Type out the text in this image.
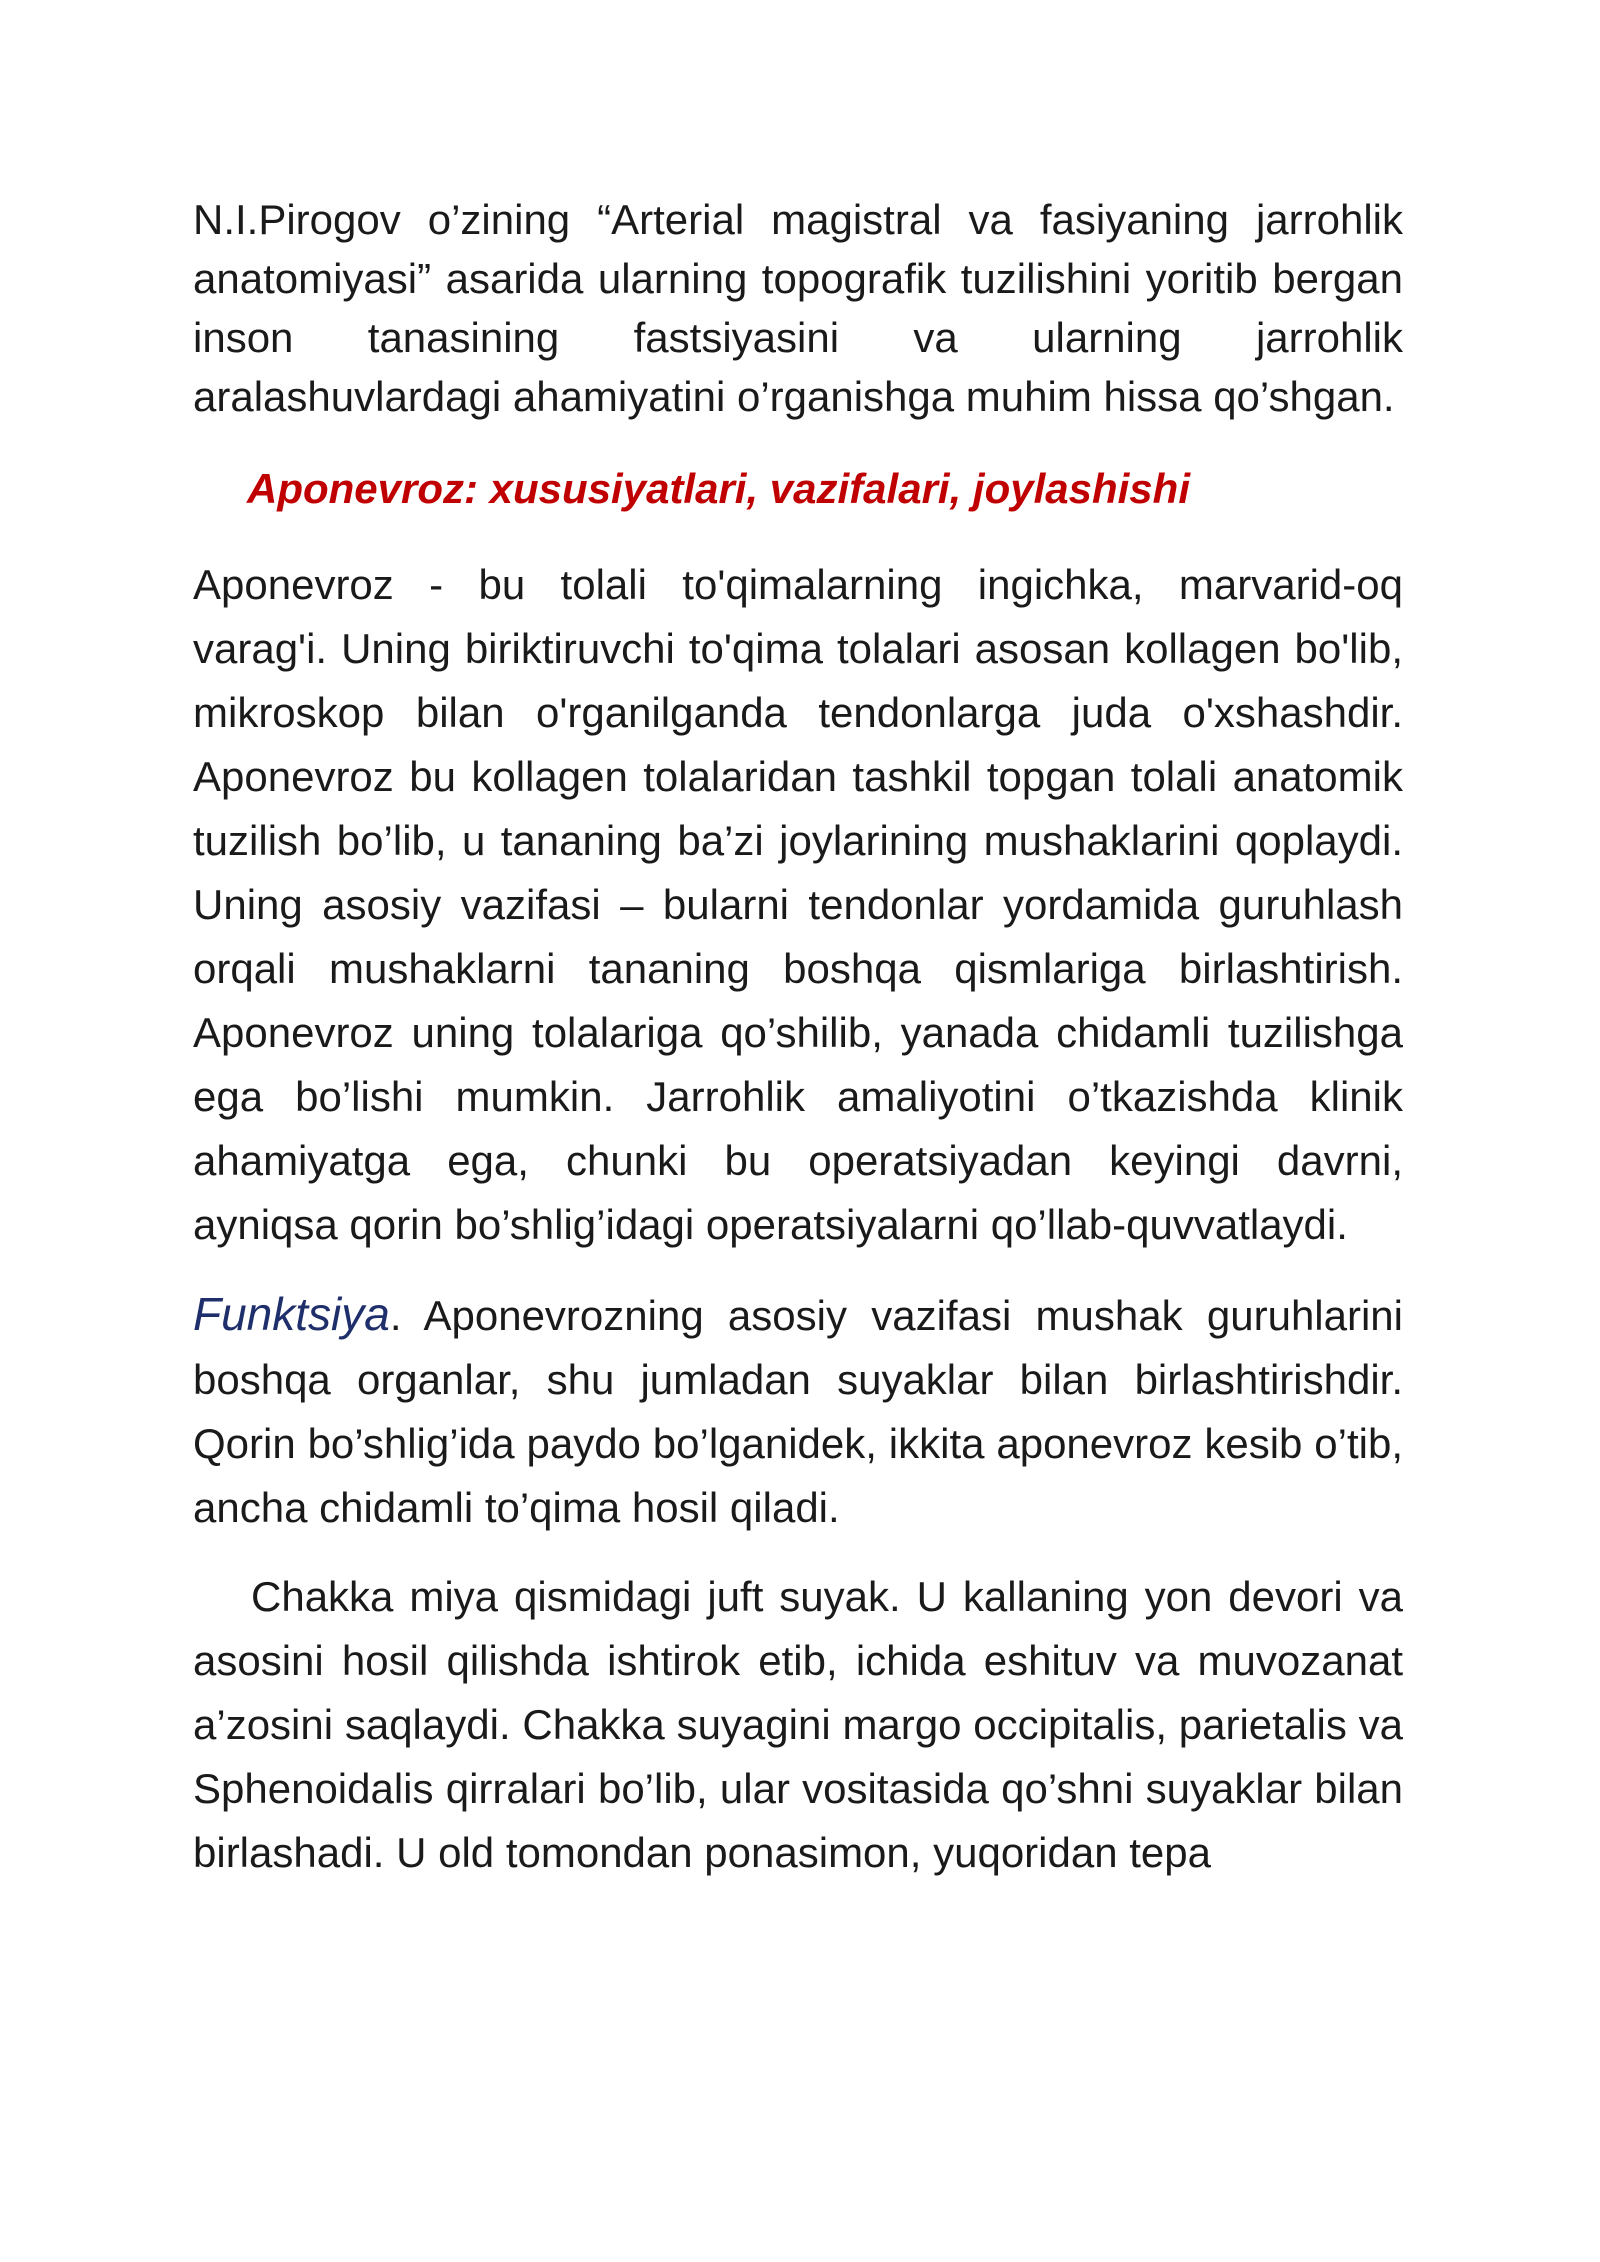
N.I.Pirogov o’zining “Arterial magistral va fasiyaning jarrohlik anatomiyasi” asarida ularning topografik tuzilishini yoritib bergan inson tanasining fastsiyasini va ularning jarrohlik aralashuvlardagi ahamiyatini o’rganishga muhim hissa qo’shgan.

Aponevroz: xususiyatlari, vazifalari, joylashishi

Aponevroz - bu tolali to'qimalarning ingichka, marvarid-oq varag'i. Uning biriktiruvchi to'qima tolalari asosan kollagen bo'lib, mikroskop bilan o'rganilganda tendonlarga juda o'xshashdir. Aponevroz bu kollagen tolalaridan tashkil topgan tolali anatomik tuzilish bo’lib, u tananing ba’zi joylarining mushaklarini qoplaydi. Uning asosiy vazifasi – bularni tendonlar yordamida guruhlash orqali mushaklarni tananing boshqa qismlariga birlashtirish. Aponevroz uning tolalariga qo’shilib, yanada chidamli tuzilishga ega bo’lishi mumkin. Jarrohlik amaliyotini o’tkazishda klinik ahamiyatga ega, chunki bu operatsiyadan keyingi davrni, ayniqsa qorin bo’shlig’idagi operatsiyalarni qo’llab-quvvatlaydi.

Funktsiya. Aponevrozning asosiy vazifasi mushak guruhlarini boshqa organlar, shu jumladan suyaklar bilan birlashtirishdir. Qorin bo’shlig’ida paydo bo’lganidek, ikkita aponevroz kesib o’tib, ancha chidamli to’qima hosil qiladi.

Chakka miya qismidagi juft suyak. U kallaning yon devori va asosini hosil qilishda ishtirok etib, ichida eshituv va muvozanat a’zosini saqlaydi. Chakka suyagini margo occipitalis, parietalis va Sphenoidalis qirralari bo’lib, ular vositasida qo’shni suyaklar bilan birlashadi. U old tomondan ponasimon, yuqoridan tepa
